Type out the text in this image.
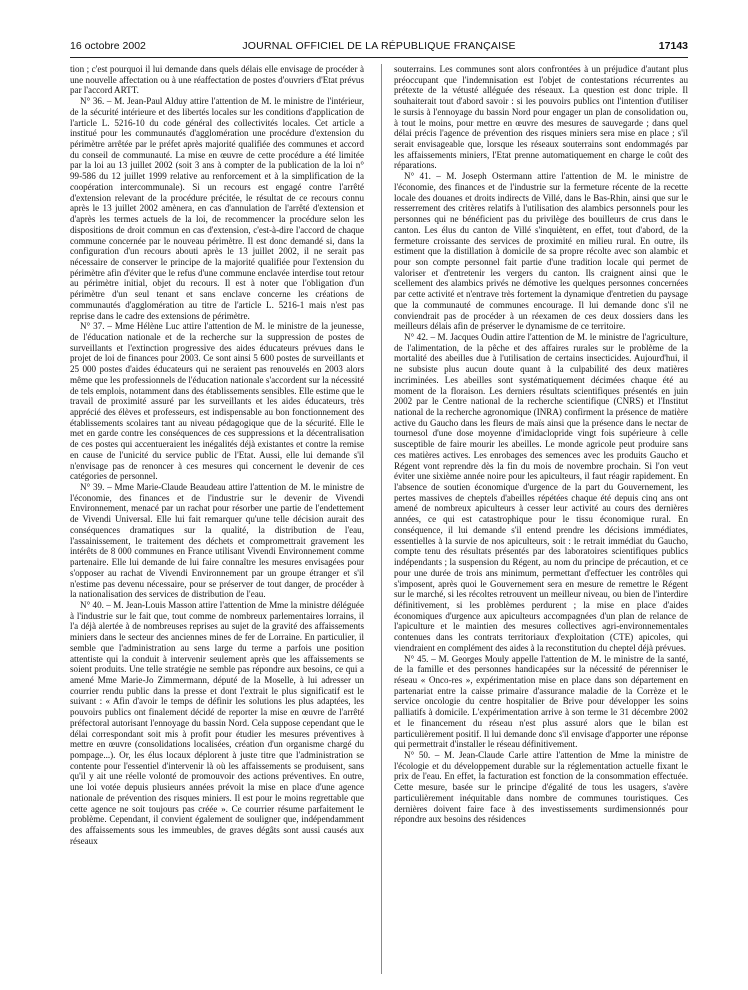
16 octobre 2002	JOURNAL OFFICIEL DE LA RÉPUBLIQUE FRANÇAISE	17143

tion ; c'est pourquoi il lui demande dans quels délais elle envisage de procéder à une nouvelle affectation ou à une réaffectation de postes d'ouvriers d'Etat prévus par l'accord ARTT.

N° 36. – M. Jean-Paul Alduy attire l'attention de M. le ministre de l'intérieur, de la sécurité intérieure et des libertés locales sur les conditions d'application de l'article L. 5216-10 du code général des collectivités locales. Cet article a institué pour les communautés d'agglomération une procédure d'extension du périmètre arrêtée par le préfet après majorité qualifiée des communes et accord du conseil de communauté. La mise en œuvre de cette procédure a été limitée par la loi au 13 juillet 2002 (soit 3 ans à compter de la publication de la loi n° 99-586 du 12 juillet 1999 relative au renforcement et à la simplification de la coopération intercommunale). Si un recours est engagé contre l'arrêté d'extension relevant de la procédure précitée, le résultat de ce recours connu après le 13 juillet 2002 amènera, en cas d'annulation de l'arrêté d'extension et d'après les termes actuels de la loi, de recommencer la procédure selon les dispositions de droit commun en cas d'extension, c'est-à-dire l'accord de chaque commune concernée par le nouveau périmètre. Il est donc demandé si, dans la configuration d'un recours abouti après le 13 juillet 2002, il ne serait pas nécessaire de conserver le principe de la majorité qualifiée pour l'extension du périmètre afin d'éviter que le refus d'une commune enclavée interdise tout retour au périmètre initial, objet du recours. Il est à noter que l'obligation d'un périmètre d'un seul tenant et sans enclave concerne les créations de communautés d'agglomération au titre de l'article L. 5216-1 mais n'est pas reprise dans le cadre des extensions de périmètre.

N° 37. – Mme Hélène Luc attire l'attention de M. le ministre de la jeunesse, de l'éducation nationale et de la recherche sur la suppression de postes de surveillants et l'extinction progressive des aides éducateurs prévues dans le projet de loi de finances pour 2003. Ce sont ainsi 5 600 postes de surveillants et 25 000 postes d'aides éducateurs qui ne seraient pas renouvelés en 2003 alors même que les professionnels de l'éducation nationale s'accordent sur la nécessité de tels emplois, notamment dans des établissements sensibles. Elle estime que le travail de proximité assuré par les surveillants et les aides éducateurs, très apprécié des élèves et professeurs, est indispensable au bon fonctionnement des établissements scolaires tant au niveau pédagogique que de la sécurité. Elle le met en garde contre les conséquences de ces suppressions et la décentralisation de ces postes qui accentueraient les inégalités déjà existantes et contre la remise en cause de l'unicité du service public de l'Etat. Aussi, elle lui demande s'il n'envisage pas de renoncer à ces mesures qui concernent le devenir de ces catégories de personnel.

N° 39. – Mme Marie-Claude Beaudeau attire l'attention de M. le ministre de l'économie, des finances et de l'industrie sur le devenir de Vivendi Environnement, menacé par un rachat pour résorber une partie de l'endettement de Vivendi Universal. Elle lui fait remarquer qu'une telle décision aurait des conséquences dramatiques sur la qualité, la distribution de l'eau, l'assainissement, le traitement des déchets et compromettrait gravement les intérêts de 8 000 communes en France utilisant Vivendi Environnement comme partenaire. Elle lui demande de lui faire connaître les mesures envisagées pour s'opposer au rachat de Vivendi Environnement par un groupe étranger et s'il n'estime pas devenu nécessaire, pour se préserver de tout danger, de procéder à la nationalisation des services de distribution de l'eau.

N° 40. – M. Jean-Louis Masson attire l'attention de Mme la ministre déléguée à l'industrie sur le fait que, tout comme de nombreux parlementaires lorrains, il l'a déjà alertée à de nombreuses reprises au sujet de la gravité des affaissements miniers dans le secteur des anciennes mines de fer de Lorraine. En particulier, il semble que l'administration au sens large du terme a parfois une position attentiste qui la conduit à intervenir seulement après que les affaissements se soient produits. Une telle stratégie ne semble pas répondre aux besoins, ce qui a amené Mme Marie-Jo Zimmermann, député de la Moselle, à lui adresser un courrier rendu public dans la presse et dont l'extrait le plus significatif est le suivant : « Afin d'avoir le temps de définir les solutions les plus adaptées, les pouvoirs publics ont finalement décidé de reporter la mise en œuvre de l'arrêté préfectoral autorisant l'ennoyage du bassin Nord. Cela suppose cependant que le délai correspondant soit mis à profit pour étudier les mesures préventives à mettre en œuvre (consolidations localisées, création d'un organisme chargé du pompage...). Or, les élus locaux déplorent à juste titre que l'administration se contente pour l'essentiel d'intervenir là où les affaissements se produisent, sans qu'il y ait une réelle volonté de promouvoir des actions préventives. En outre, une loi votée depuis plusieurs années prévoit la mise en place d'une agence nationale de prévention des risques miniers. Il est pour le moins regrettable que cette agence ne soit toujours pas créée ». Ce courrier résume parfaitement le problème. Cependant, il convient également de souligner que, indépendamment des affaissements sous les immeubles, de graves dégâts sont aussi causés aux réseaux

souterrains. Les communes sont alors confrontées à un préjudice d'autant plus préoccupant que l'indemnisation est l'objet de contestations récurrentes au prétexte de la vétusté alléguée des réseaux. La question est donc triple. Il souhaiterait tout d'abord savoir : si les pouvoirs publics ont l'intention d'utiliser le sursis à l'ennoyage du bassin Nord pour engager un plan de consolidation ou, à tout le moins, pour mettre en œuvre des mesures de sauvegarde ; dans quel délai précis l'agence de prévention des risques miniers sera mise en place ; s'il serait envisageable que, lorsque les réseaux souterrains sont endommagés par les affaissements miniers, l'Etat prenne automatiquement en charge le coût des réparations.

N° 41. – M. Joseph Ostermann attire l'attention de M. le ministre de l'économie, des finances et de l'industrie sur la fermeture récente de la recette locale des douanes et droits indirects de Villé, dans le Bas-Rhin, ainsi que sur le resserrement des critères relatifs à l'utilisation des alambics personnels pour les personnes qui ne bénéficient pas du privilège des bouilleurs de crus dans le canton. Les élus du canton de Villé s'inquiètent, en effet, tout d'abord, de la fermeture croissante des services de proximité en milieu rural. En outre, ils estiment que la distillation à domicile de sa propre récolte avec son alambic et pour son compte personnel fait partie d'une tradition locale qui permet de valoriser et d'entretenir les vergers du canton. Ils craignent ainsi que le scellement des alambics privés ne démotive les quelques personnes concernées par cette activité et n'entrave très fortement la dynamique d'entretien du paysage que la communauté de communes encourage. Il lui demande donc s'il ne conviendrait pas de procéder à un réexamen de ces deux dossiers dans les meilleurs délais afin de préserver le dynamisme de ce territoire.

N° 42. – M. Jacques Oudin attire l'attention de M. le ministre de l'agriculture, de l'alimentation, de la pêche et des affaires rurales sur le problème de la mortalité des abeilles due à l'utilisation de certains insecticides. Aujourd'hui, il ne subsiste plus aucun doute quant à la culpabilité des deux matières incriminées. Les abeilles sont systématiquement décimées chaque été au moment de la floraison. Les derniers résultats scientifiques présentés en juin 2002 par le Centre national de la recherche scientifique (CNRS) et l'Institut national de la recherche agronomique (INRA) confirment la présence de matière active du Gaucho dans les fleurs de maïs ainsi que la présence dans le nectar de tournesol d'une dose moyenne d'imidaclopride vingt fois supérieure à celle susceptible de faire mourir les abeilles. Le monde agricole peut produire sans ces matières actives. Les enrobages des semences avec les produits Gaucho et Régent vont reprendre dès la fin du mois de novembre prochain. Si l'on veut éviter une sixième année noire pour les apiculteurs, il faut réagir rapidement. En l'absence de soutien économique d'urgence de la part du Gouvernement, les pertes massives de cheptels d'abeilles répétées chaque été depuis cinq ans ont amené de nombreux apiculteurs à cesser leur activité au cours des dernières années, ce qui est catastrophique pour le tissu économique rural. En conséquence, il lui demande s'il entend prendre les décisions immédiates, essentielles à la survie de nos apiculteurs, soit : le retrait immédiat du Gaucho, compte tenu des résultats présentés par des laboratoires scientifiques publics indépendants ; la suspension du Régent, au nom du principe de précaution, et ce pour une durée de trois ans minimum, permettant d'effectuer les contrôles qui s'imposent, après quoi le Gouvernement sera en mesure de remettre le Régent sur le marché, si les récoltes retrouvent un meilleur niveau, ou bien de l'interdire définitivement, si les problèmes perdurent ; la mise en place d'aides économiques d'urgence aux apiculteurs accompagnées d'un plan de relance de l'apiculture et le maintien des mesures collectives agri-environnementales contenues dans les contrats territoriaux d'exploitation (CTE) apicoles, qui viendraient en complément des aides à la reconstitution du cheptel déjà prévues.

N° 45. – M. Georges Mouly appelle l'attention de M. le ministre de la santé, de la famille et des personnes handicapées sur la nécessité de pérenniser le réseau « Onco-res », expérimentation mise en place dans son département en partenariat entre la caisse primaire d'assurance maladie de la Corrèze et le service oncologie du centre hospitalier de Brive pour développer les soins palliatifs à domicile. L'expérimentation arrive à son terme le 31 décembre 2002 et le financement du réseau n'est plus assuré alors que le bilan est particulièrement positif. Il lui demande donc s'il envisage d'apporter une réponse qui permettrait d'installer le réseau définitivement.

N° 50. – M. Jean-Claude Carle attire l'attention de Mme la ministre de l'écologie et du développement durable sur la réglementation actuelle fixant le prix de l'eau. En effet, la facturation est fonction de la consommation effectuée. Cette mesure, basée sur le principe d'égalité de tous les usagers, s'avère particulièrement inéquitable dans nombre de communes touristiques. Ces dernières doivent faire face à des investissements surdimensionnés pour répondre aux besoins des résidences
